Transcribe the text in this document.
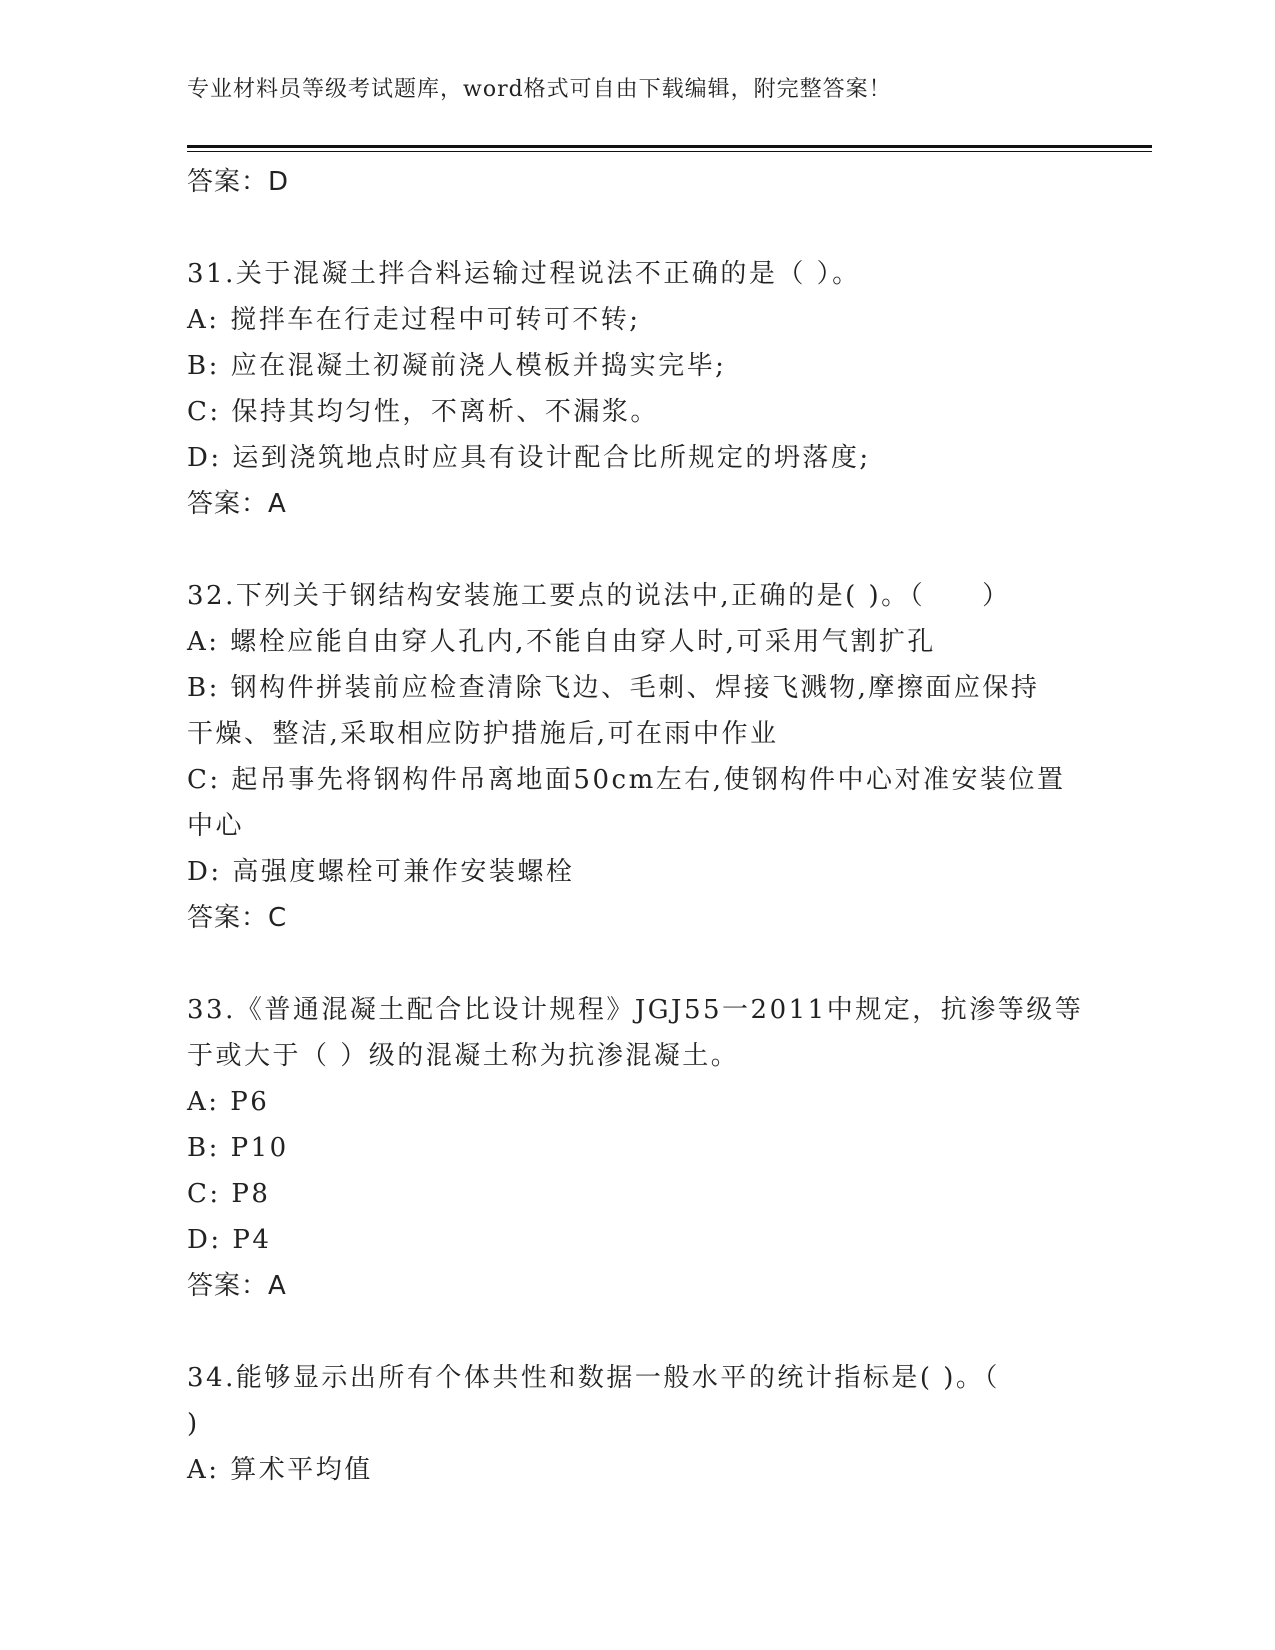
专业材料员等级考试题库，word格式可自由下载编辑，附完整答案！
答案：D
31.关于混凝土拌合料运输过程说法不正确的是（ ）。
A: 搅拌车在行走过程中可转可不转;
B: 应在混凝土初凝前浇人模板并捣实完毕;
C: 保持其均匀性，不离析、不漏浆。
D: 运到浇筑地点时应具有设计配合比所规定的坍落度;
答案：A
32.下列关于钢结构安装施工要点的说法中,正确的是( )。（　　）
A: 螺栓应能自由穿人孔内,不能自由穿人时,可采用气割扩孔
B: 钢构件拼装前应检查清除飞边、毛刺、焊接飞溅物,摩擦面应保持
干燥、整洁,采取相应防护措施后,可在雨中作业
C: 起吊事先将钢构件吊离地面50cm左右,使钢构件中心对准安装位置
中心
D: 高强度螺栓可兼作安装螺栓
答案：C
33.《普通混凝土配合比设计规程》JGJ55一2011中规定，抗渗等级等
于或大于（ ）级的混凝土称为抗渗混凝土。
A: P6
B: P10
C: P8
D: P4
答案：A
34.能够显示出所有个体共性和数据一般水平的统计指标是( )。（
)
A: 算术平均值
